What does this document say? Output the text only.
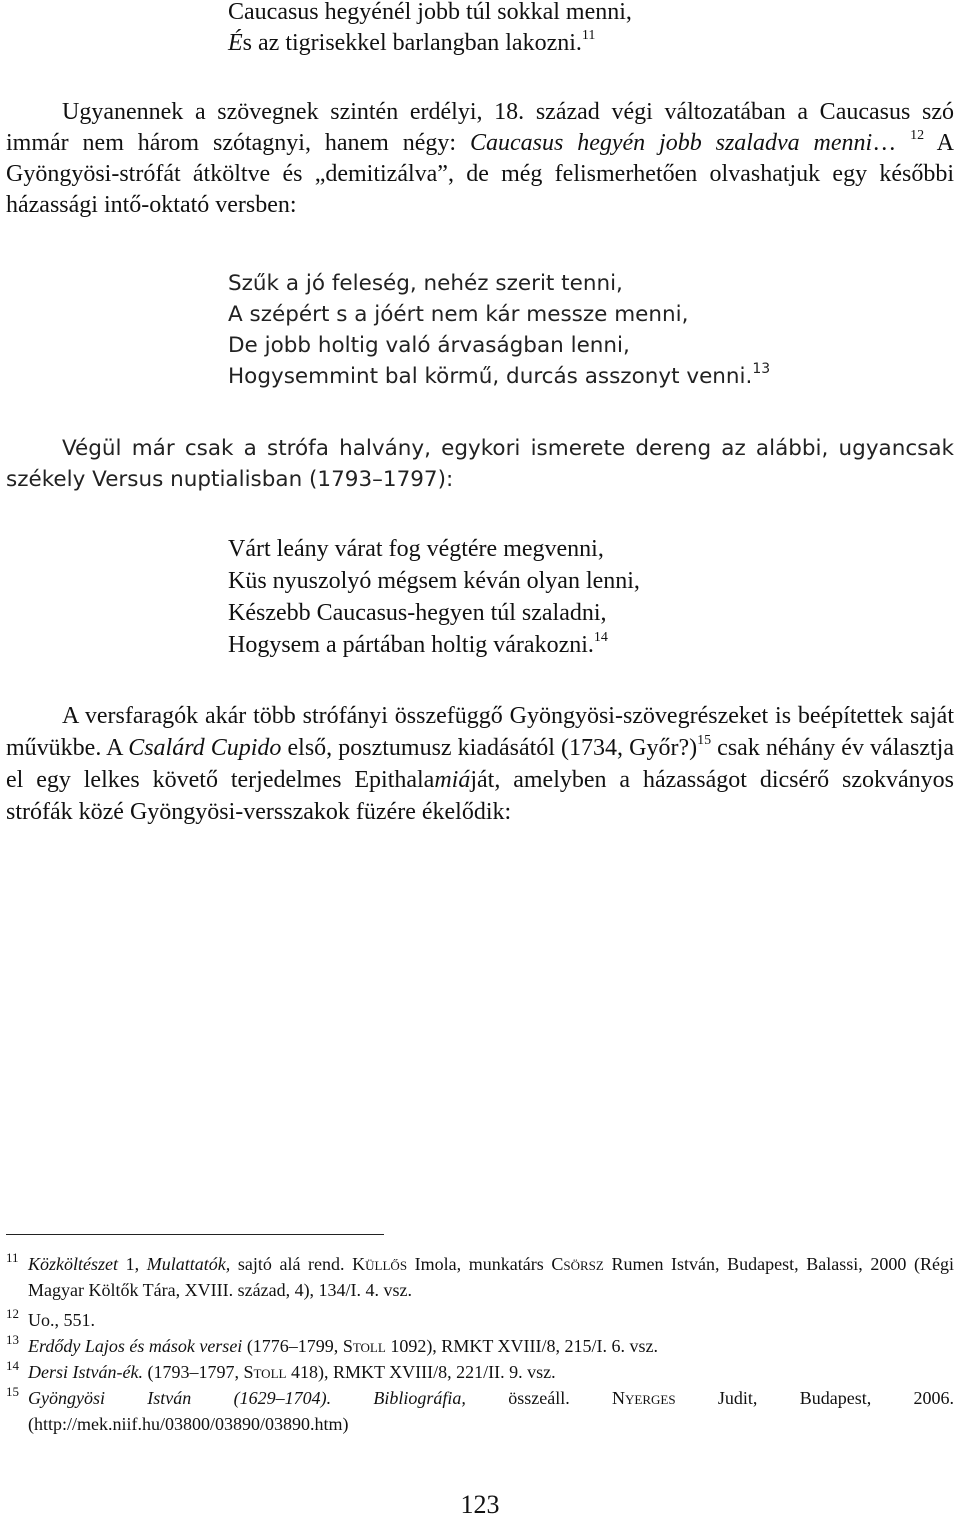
Caucasus hegyénél jobb túl sokkal menni,
És az tigrisekkel barlangban lakozni.$^{11}$
Ugyanennek a szövegnek szintén erdélyi, 18. század végi változatában a Caucasus szó immár nem három szótagnyi, hanem négy: Caucasus hegyén jobb szaladva menni… $^{12}$ A Gyöngyösi-strófát átköltve és „demitizálva”, de még felismerhetően olvashatjuk egy későbbi házassági intő-oktató versben:
Szűk a jó feleség, nehéz szerit tenni,
A szépért s a jóért nem kár messze menni,
De jobb holtig való árvaságban lenni,
Hogysemmint bal körmű, durcás asszonyt venni.$^{13}$
Végül már csak a strófa halvány, egykori ismerete dereng az alábbi, ugyancsak székely Versus nuptialisban (1793–1797):
Várt leány várat fog végtére megvenni,
Küs nyuszolyó mégsem kéván olyan lenni,
Készebb Caucasus-hegyen túl szaladni,
Hogysem a pártában holtig várakozni.$^{14}$
A versfaragók akár több strófányi összefüggő Gyöngyösi-szövegrészeket is beépítettek saját művükbe. A Csalárd Cupido első, posztumusz kiadásától (1734, Győr?)$^{15}$ csak néhány év választja el egy lelkes követő terjedelmes Epithalamiáját, amelyben a házasságot dicsérő szokványos strófák közé Gyöngyösi-versszakok füzére ékelődik:
11 Közköltészet 1, Mulattatók, sajtó alá rend. Küllős Imola, munkatárs Csörsz Rumen István, Budapest, Balassi, 2000 (Régi Magyar Költők Tára, XVIII. század, 4), 134/I. 4. vsz.
12 Uo., 551.
13 Erdődy Lajos és mások versei (1776–1799, Stoll 1092), RMKT XVIII/8, 215/I. 6. vsz.
14 Dersi István-ék. (1793–1797, Stoll 418), RMKT XVIII/8, 221/II. 9. vsz.
15 Gyöngyösi István (1629–1704). Bibliográfia, összeáll. Nyerges Judit, Budapest, 2006. (http://mek.niif.hu/03800/03890/03890.htm)
123
